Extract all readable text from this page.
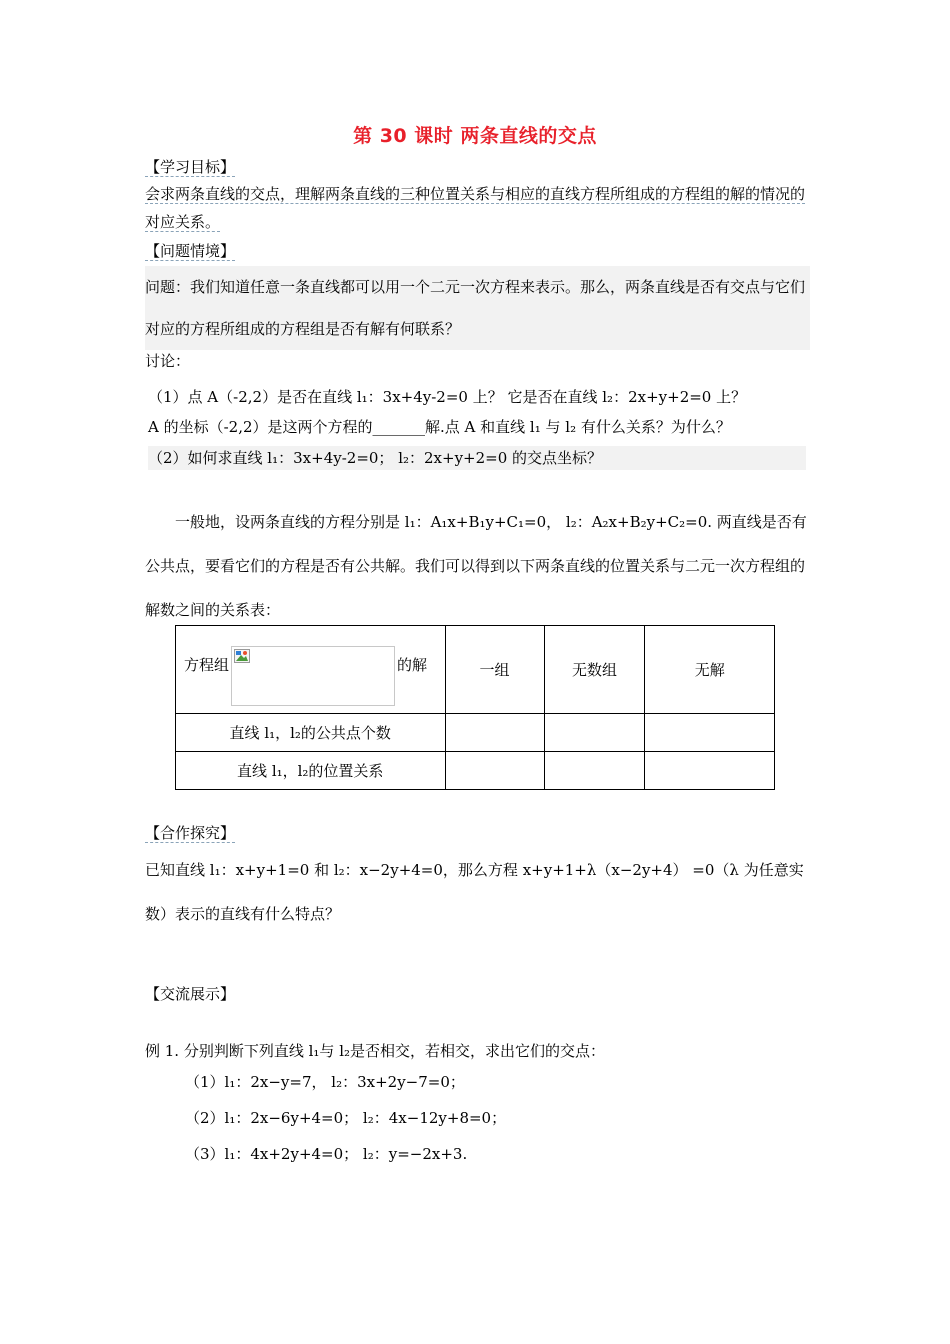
第 30 课时 两条直线的交点
【学习目标】
会求两条直线的交点，理解两条直线的三种位置关系与相应的直线方程所组成的方程组的解的情况的对应关系。
【问题情境】
问题：我们知道任意一条直线都可以用一个二元一次方程来表示。那么，两条直线是否有交点与它们对应的方程所组成的方程组是否有解有何联系？
讨论：
（1）点 A（-2,2）是否在直线 l₁：3x+4y-2=0 上？ 它是否在直线 l₂：2x+y+2=0 上？
A 的坐标（-2,2）是这两个方程的_______解.点 A 和直线 l₁ 与 l₂ 有什么关系？为什么？
（2）如何求直线 l₁：3x+4y-2=0； l₂：2x+y+2=0 的交点坐标？
一般地，设两条直线的方程分别是 l₁：A₁x+B₁y+C₁=0， l₂：A₂x+B₂y+C₂=0. 两直线是否有公共点，要看它们的方程是否有公共解。我们可以得到以下两条直线的位置关系与二元一次方程组的解数之间的关系表：
方程组 的解	一组	无数组	无解
直线 l₁，l₂的公共点个数			
直线 l₁，l₂的位置关系			
【合作探究】
已知直线 l₁：x+y+1=0 和 l₂：x−2y+4=0，那么方程 x+y+1+λ（x−2y+4） =0（λ 为任意实数）表示的直线有什么特点？
【交流展示】
例 1. 分别判断下列直线 l₁与 l₂是否相交，若相交，求出它们的交点：
（1）l₁：2x−y=7， l₂：3x+2y−7=0；
（2）l₁：2x−6y+4=0； l₂：4x−12y+8=0；
（3）l₁：4x+2y+4=0； l₂：y=−2x+3.
